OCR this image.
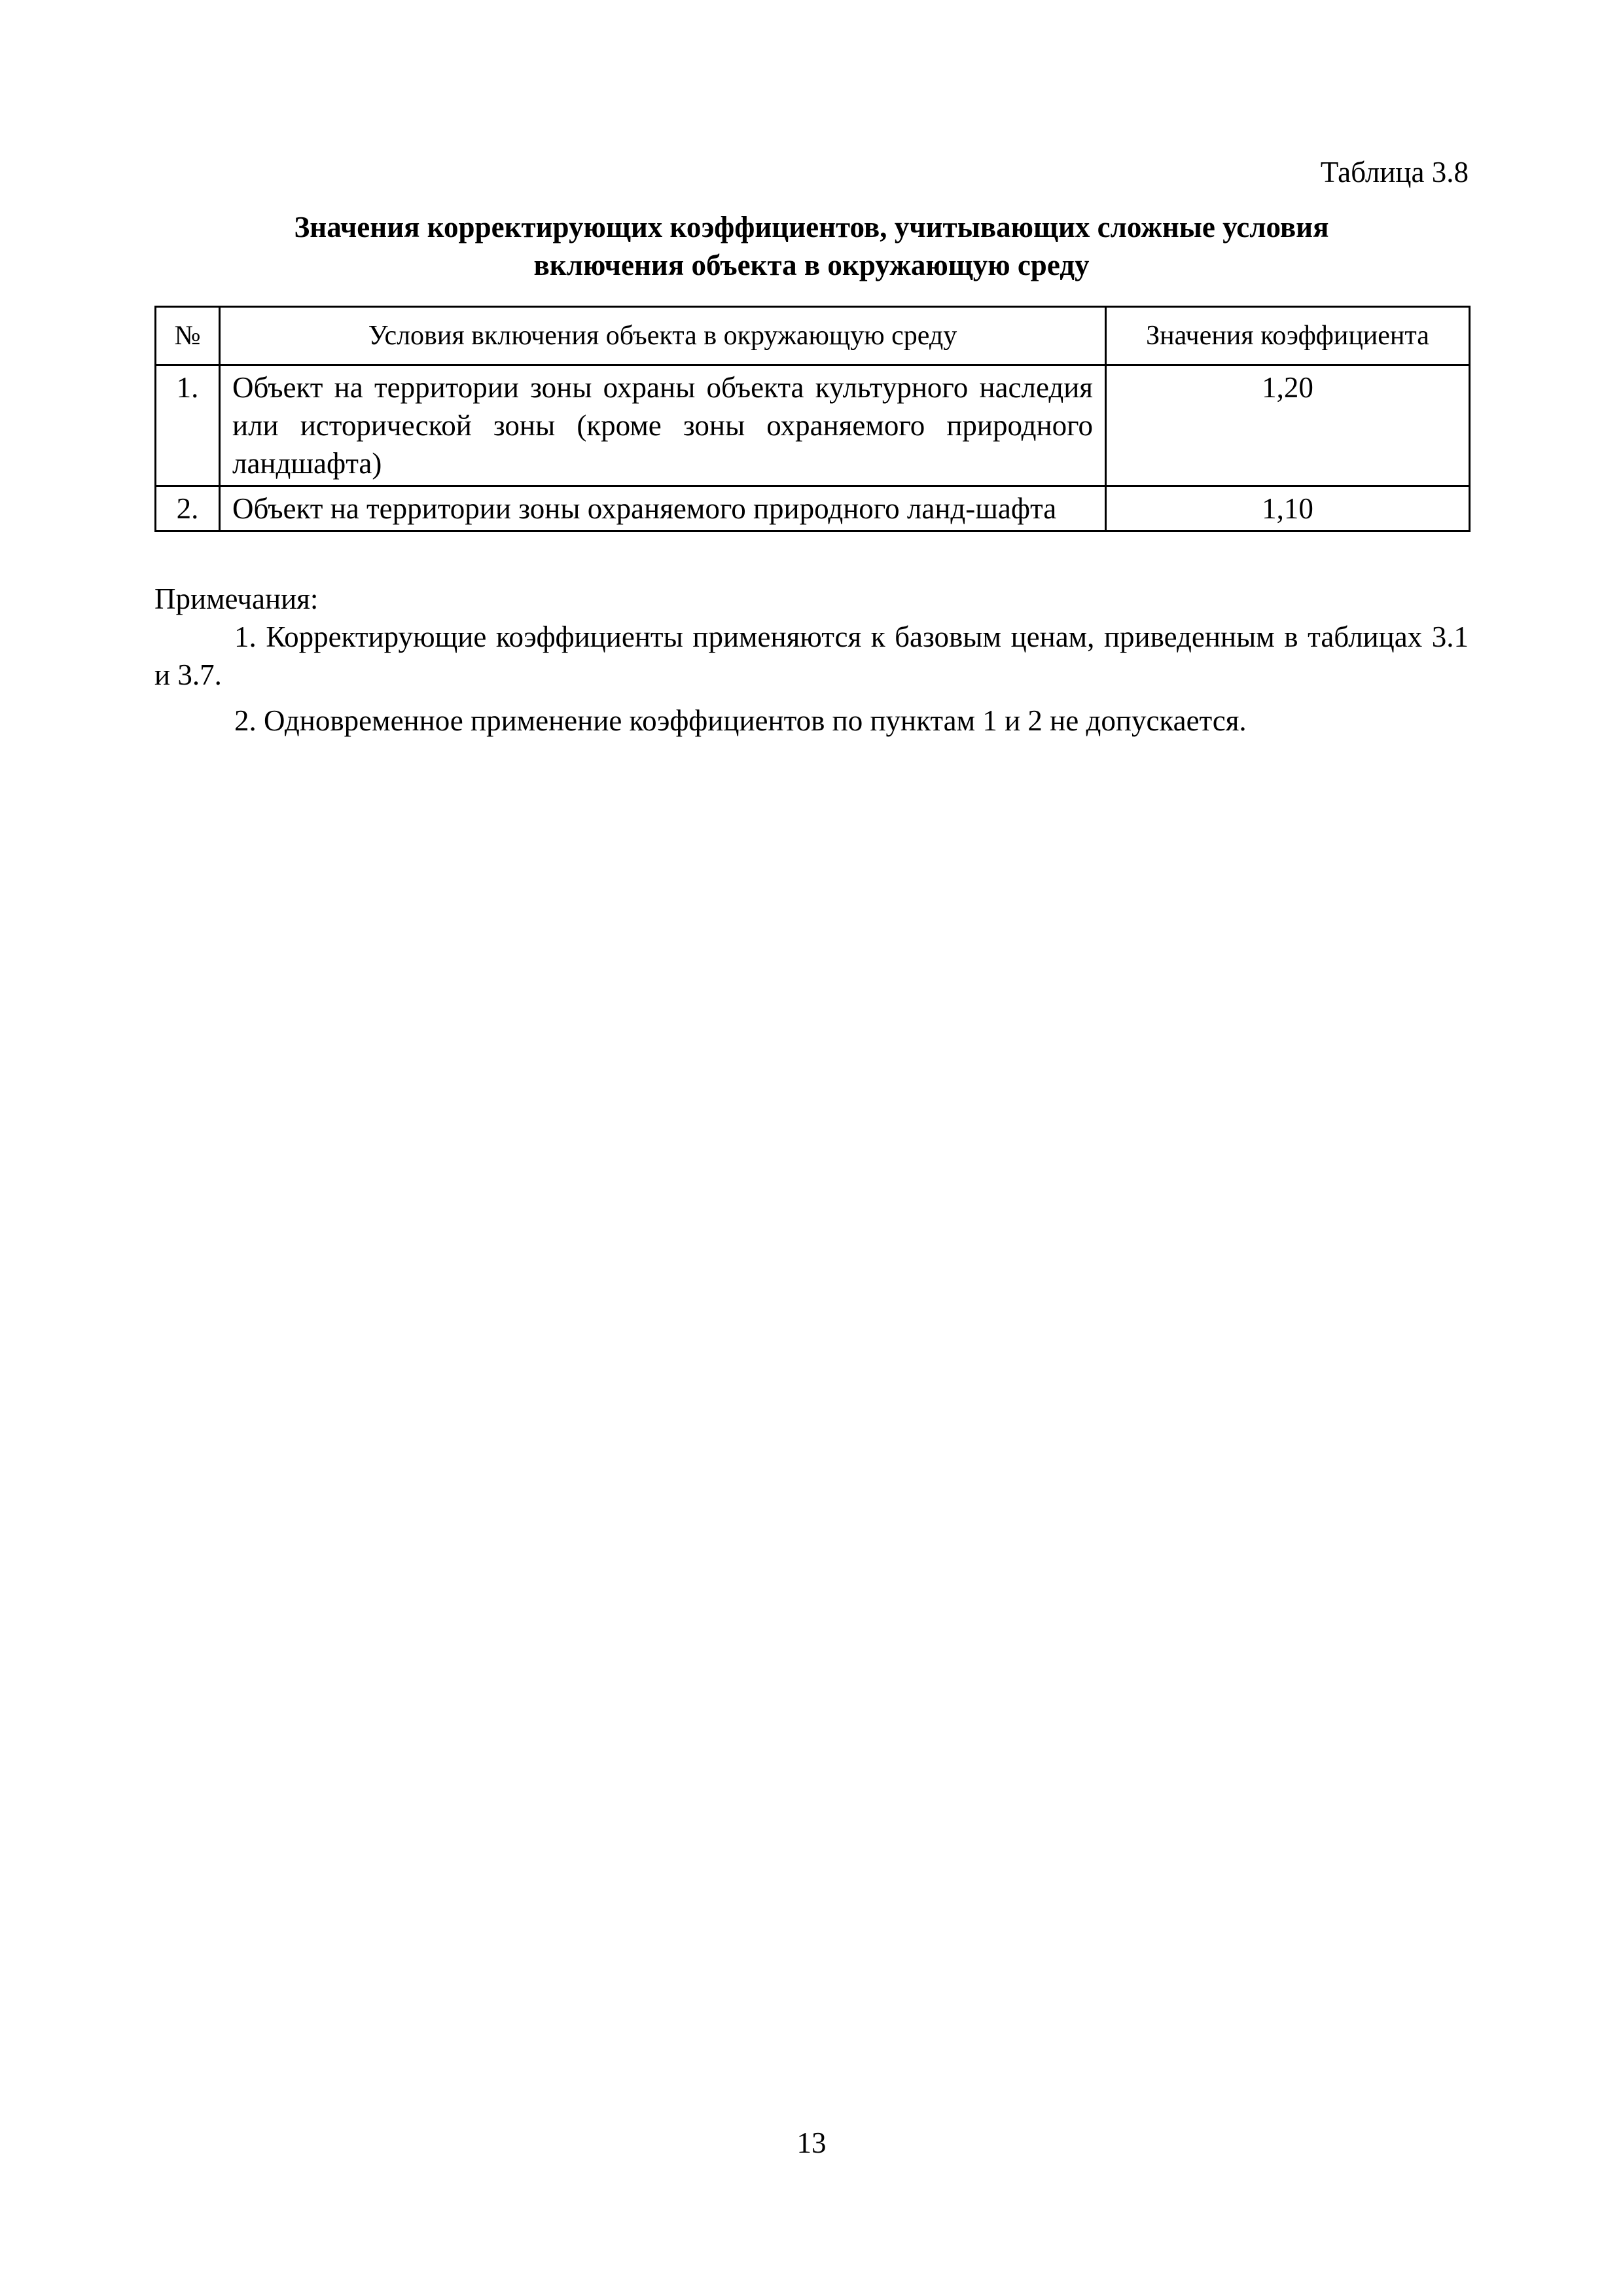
Таблица 3.8
Значения корректирующих коэффициентов, учитывающих сложные условия
включения объекта в окружающую среду
№	Условия включения объекта в окружающую среду	Значения коэффициента
1.	Объект на территории зоны охраны объекта культурного наследия или исторической зоны (кроме зоны охраняемого природного ландшафта)	1,20
2.	Объект на территории зоны охраняемого природного ланд-шафта	1,10

Примечания:

1. Корректирующие коэффициенты применяются к базовым ценам, приведенным в таблицах 3.1 и 3.7.

2. Одновременное применение коэффициентов по пунктам 1 и 2 не допускается.

13
